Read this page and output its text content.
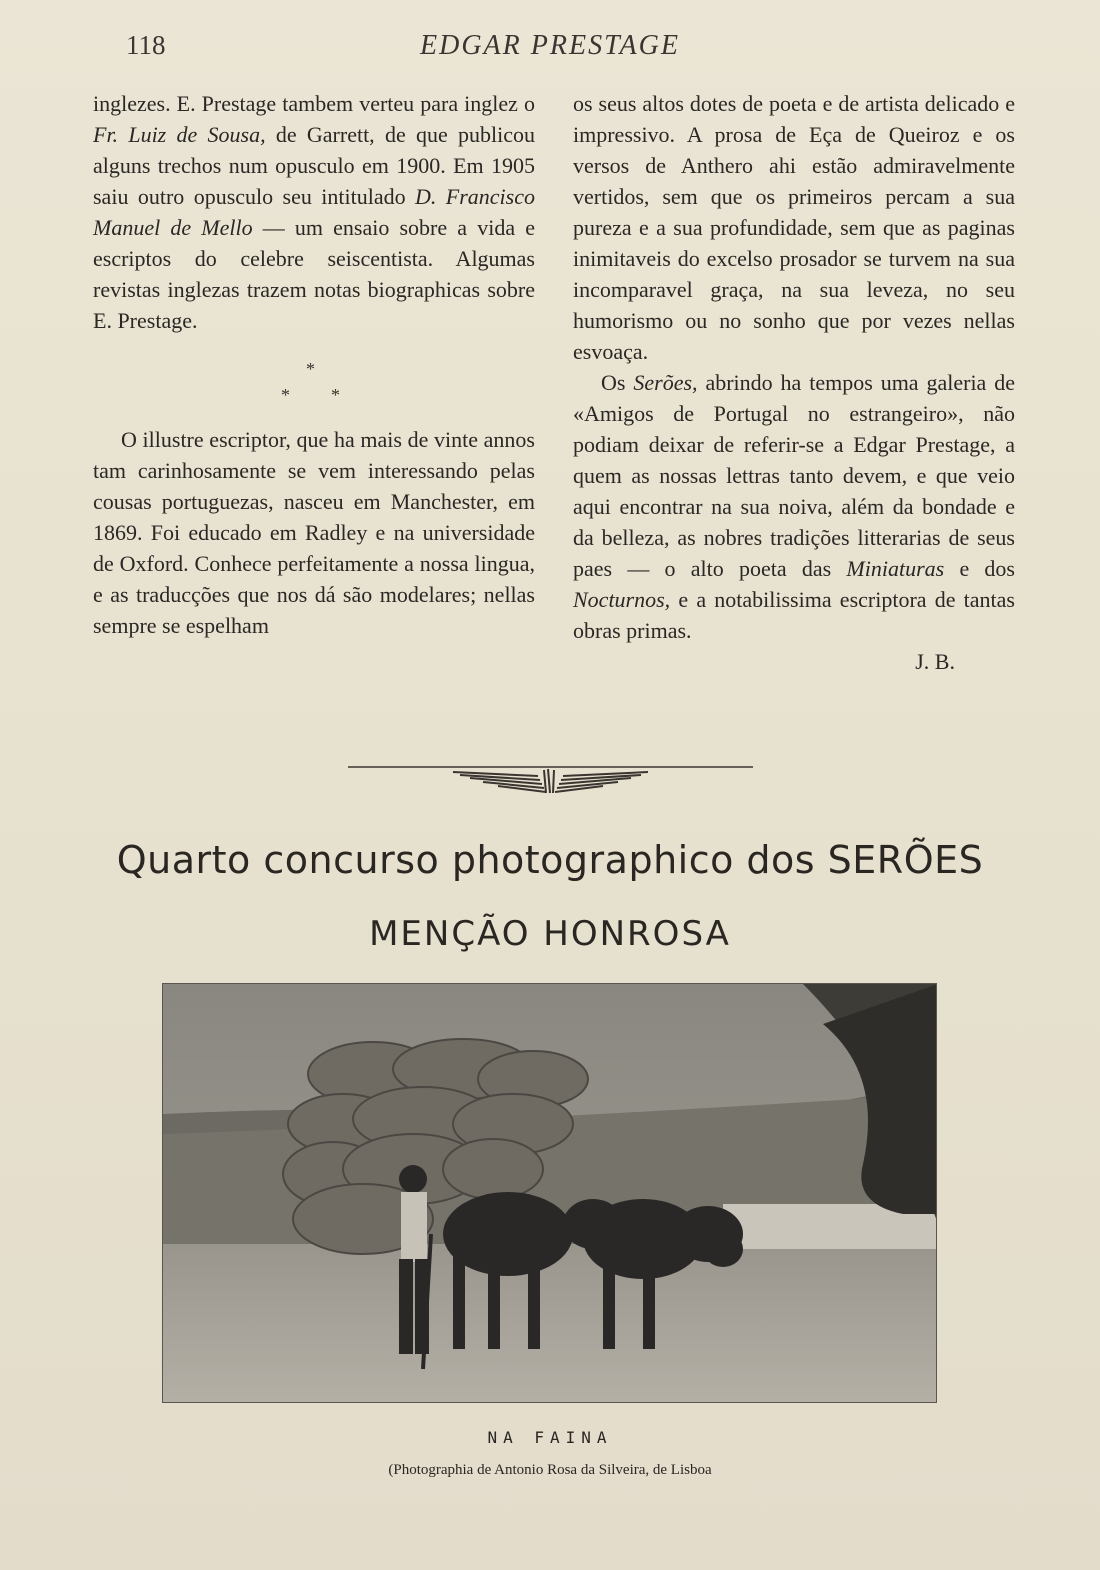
118	EDGAR PRESTAGE

inglezes. E. Prestage tambem verteu para inglez o Fr. Luiz de Sousa, de Garrett, de que publicou alguns trechos num opusculo em 1900. Em 1905 saiu outro opusculo seu intitulado D. Francisco Manuel de Mello — um ensaio sobre a vida e escriptos do celebre seiscentista. Algumas revistas inglezas trazem notas biographicas sobre E. Prestage.

*
* *

O illustre escriptor, que ha mais de vinte annos tam carinhosamente se vem interessando pelas cousas portuguezas, nasceu em Manchester, em 1869. Foi educado em Radley e na universidade de Oxford. Conhece perfeitamente a nossa lingua, e as traducções que nos dá são modelares; nellas sempre se espelham

os seus altos dotes de poeta e de artista delicado e impressivo. A prosa de Eça de Queiroz e os versos de Anthero ahi estão admiravelmente vertidos, sem que os primeiros percam a sua pureza e a sua profundidade, sem que as paginas inimitaveis do excelso prosador se turvem na sua incomparavel graça, na sua leveza, no seu humorismo ou no sonho que por vezes nellas esvoaça.

Os Serões, abrindo ha tempos uma galeria de «Amigos de Portugal no estrangeiro», não podiam deixar de referir-se a Edgar Prestage, a quem as nossas lettras tanto devem, e que veio aqui encontrar na sua noiva, além da bondade e da belleza, as nobres tradições litterarias de seus paes — o alto poeta das Miniaturas e dos Nocturnos, e a notabilissima escriptora de tantas obras primas.

J. B.

Quarto concurso photographico dos SERÕES
MENÇÃO HONROSA
NA FAINA
(Photographia de Antonio Rosa da Silveira, de Lisboa
